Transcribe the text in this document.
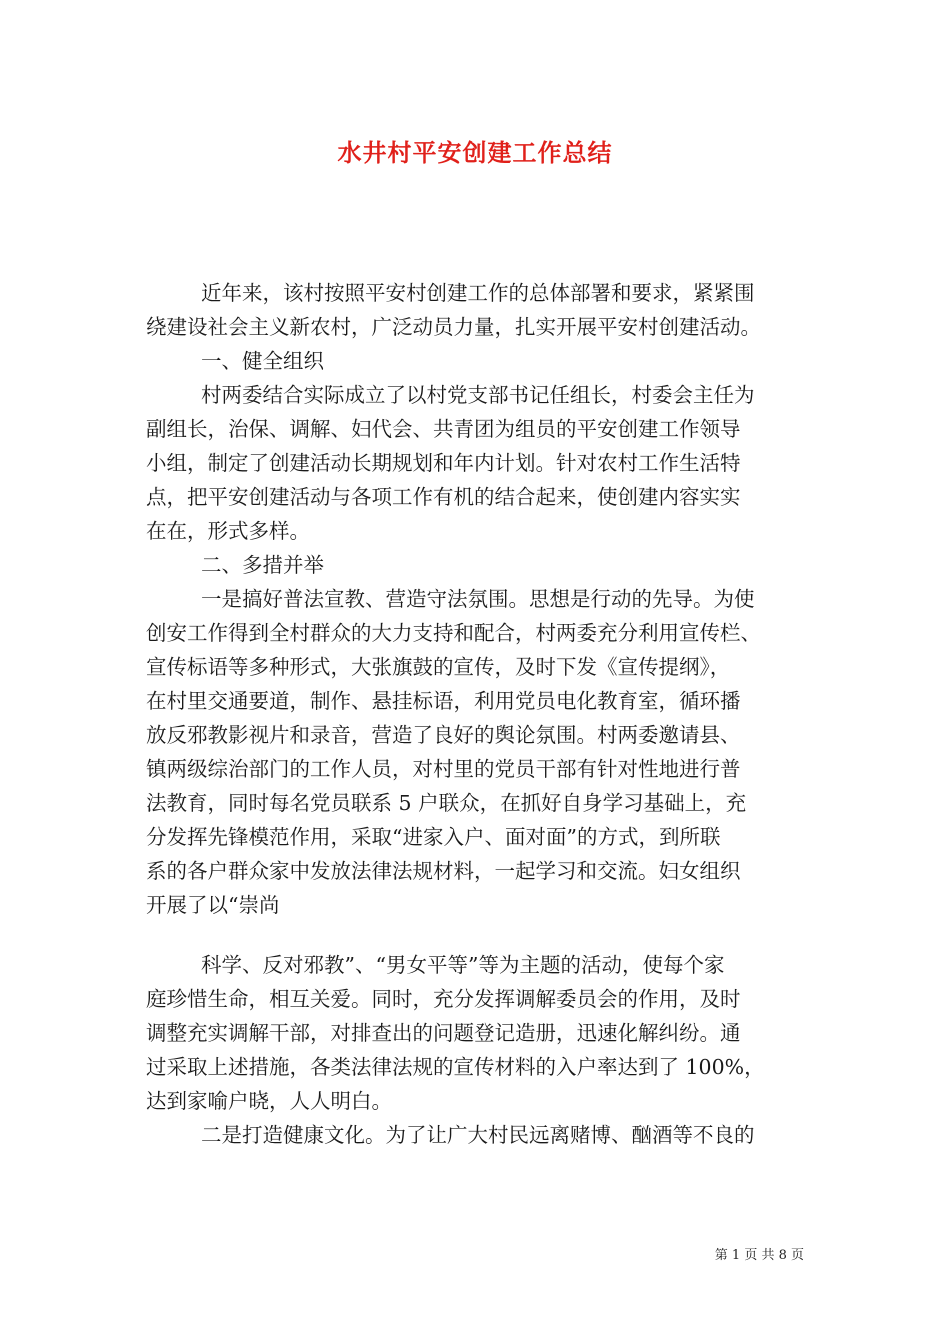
水井村平安创建工作总结
近年来，该村按照平安村创建工作的总体部署和要求，紧紧围
绕建设社会主义新农村，广泛动员力量，扎实开展平安村创建活动。
一、健全组织
村两委结合实际成立了以村党支部书记任组长，村委会主任为
副组长，治保、调解、妇代会、共青团为组员的平安创建工作领导
小组，制定了创建活动长期规划和年内计划。针对农村工作生活特
点，把平安创建活动与各项工作有机的结合起来，使创建内容实实
在在，形式多样。
二、多措并举
一是搞好普法宣教、营造守法氛围。思想是行动的先导。为使
创安工作得到全村群众的大力支持和配合，村两委充分利用宣传栏、
宣传标语等多种形式，大张旗鼓的宣传，及时下发《宣传提纲》，
在村里交通要道，制作、悬挂标语，利用党员电化教育室，循环播
放反邪教影视片和录音，营造了良好的舆论氛围。村两委邀请县、
镇两级综治部门的工作人员，对村里的党员干部有针对性地进行普
法教育，同时每名党员联系 5 户联众，在抓好自身学习基础上，充
分发挥先锋模范作用，采取“进家入户、面对面”的方式，到所联
系的各户群众家中发放法律法规材料，一起学习和交流。妇女组织
开展了以“崇尚
科学、反对邪教”、“男女平等”等为主题的活动，使每个家
庭珍惜生命，相互关爱。同时，充分发挥调解委员会的作用，及时
调整充实调解干部，对排查出的问题登记造册，迅速化解纠纷。通
过采取上述措施，各类法律法规的宣传材料的入户率达到了 100%，
达到家喻户晓，人人明白。
二是打造健康文化。为了让广大村民远离赌博、酗酒等不良的
第 1 页 共 8 页
